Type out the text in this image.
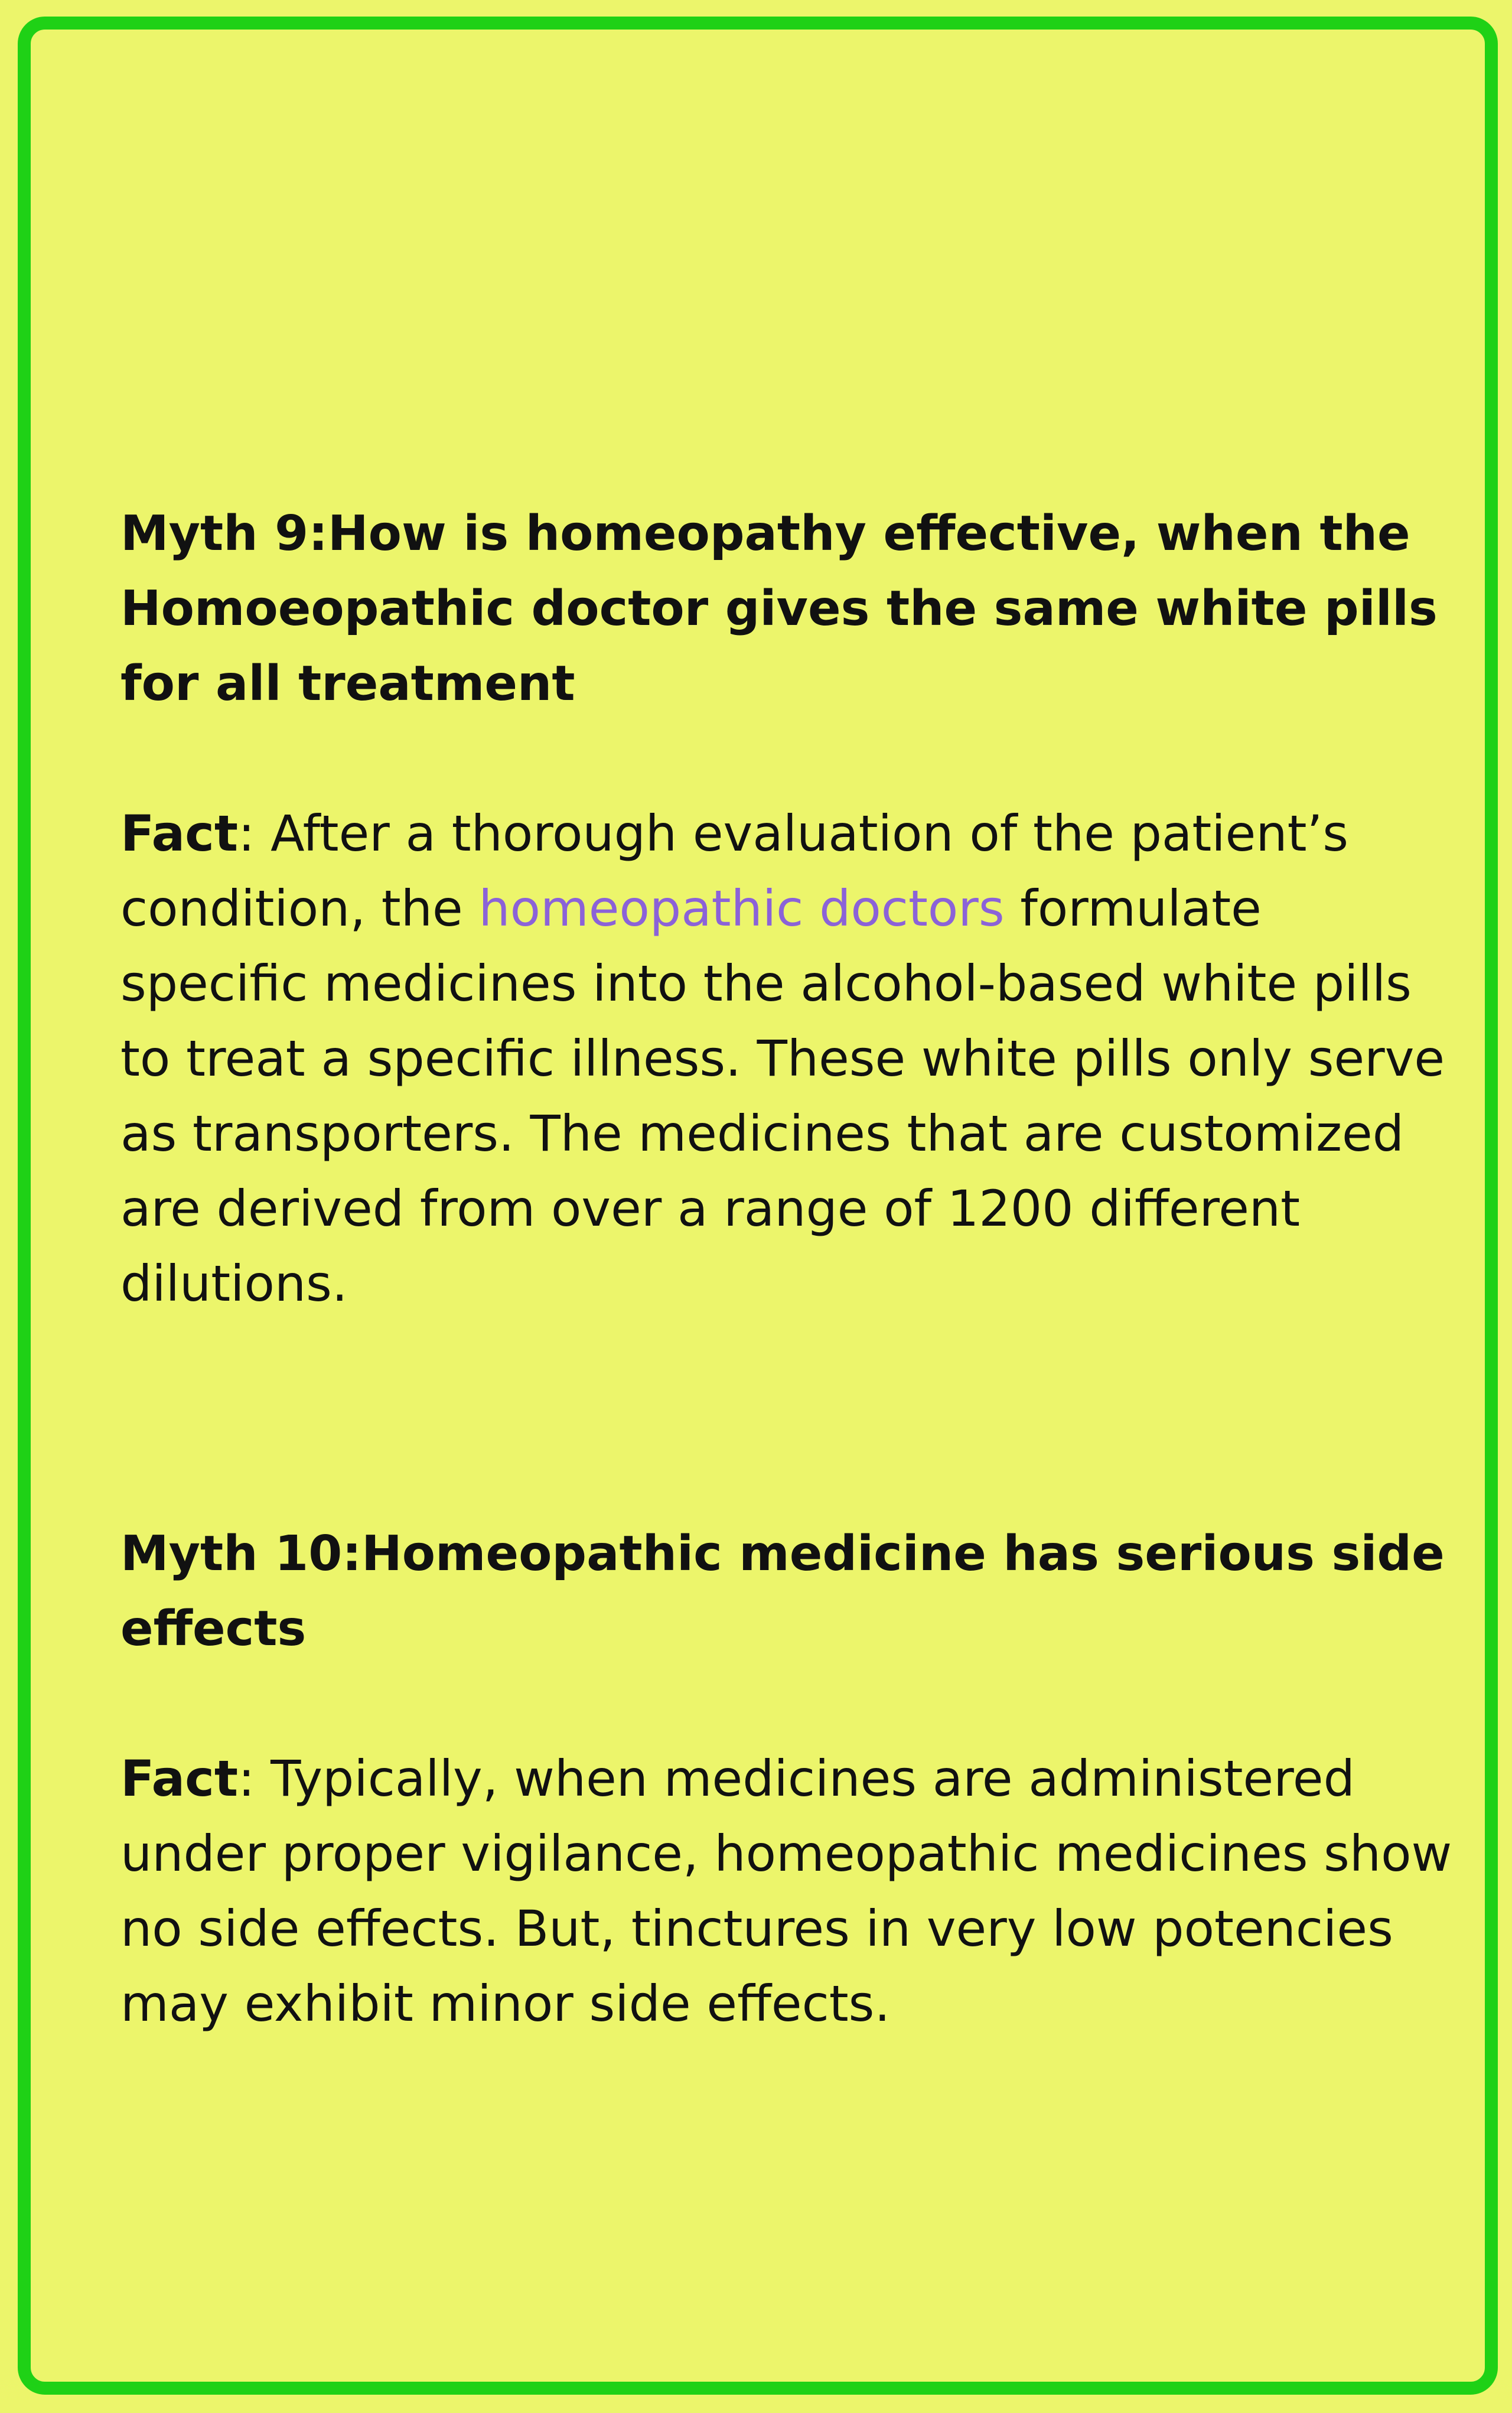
Myth 9:How is homeopathy effective, when the Homoeopathic doctor gives the same white pills for all treatment

Fact: After a thorough evaluation of the patient’s condition, the homeopathic doctors formulate specific medicines into the alcohol-based white pills to treat a specific illness. These white pills only serve as transporters. The medicines that are customized are derived from over a range of 1200 different dilutions.

Myth 10:Homeopathic medicine has serious side effects

Fact: Typically, when medicines are administered under proper vigilance, homeopathic medicines show no side effects. But, tinctures in very low potencies may exhibit minor side effects.
